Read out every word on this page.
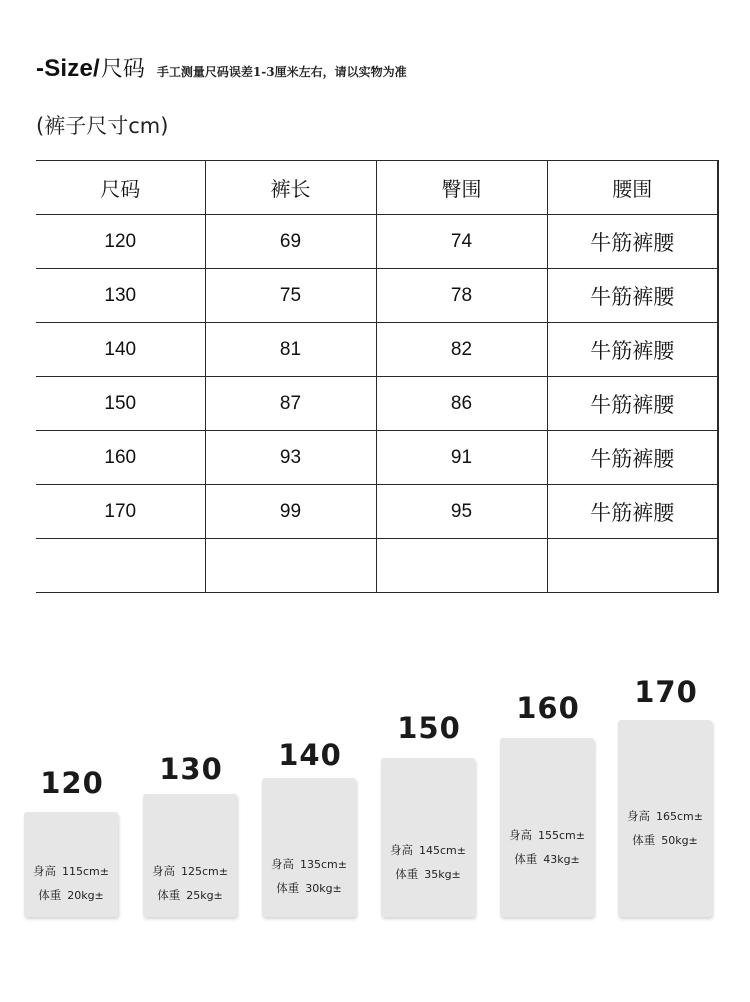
-Size/ 尺码 手工测量尺码误差1-3厘米左右，请以实物为准
(裤子尺寸cm)
尺码	裤长	臀围	腰围
120	69	74	牛筋裤腰
130	75	78	牛筋裤腰
140	81	82	牛筋裤腰
150	87	86	牛筋裤腰
160	93	91	牛筋裤腰
170	99	95	牛筋裤腰

120
身高 115cm±
体重 20kg±
130
身高 125cm±
体重 25kg±
140
身高 135cm±
体重 30kg±
150
身高 145cm±
体重 35kg±
160
身高 155cm±
体重 43kg±
170
身高 165cm±
体重 50kg±
